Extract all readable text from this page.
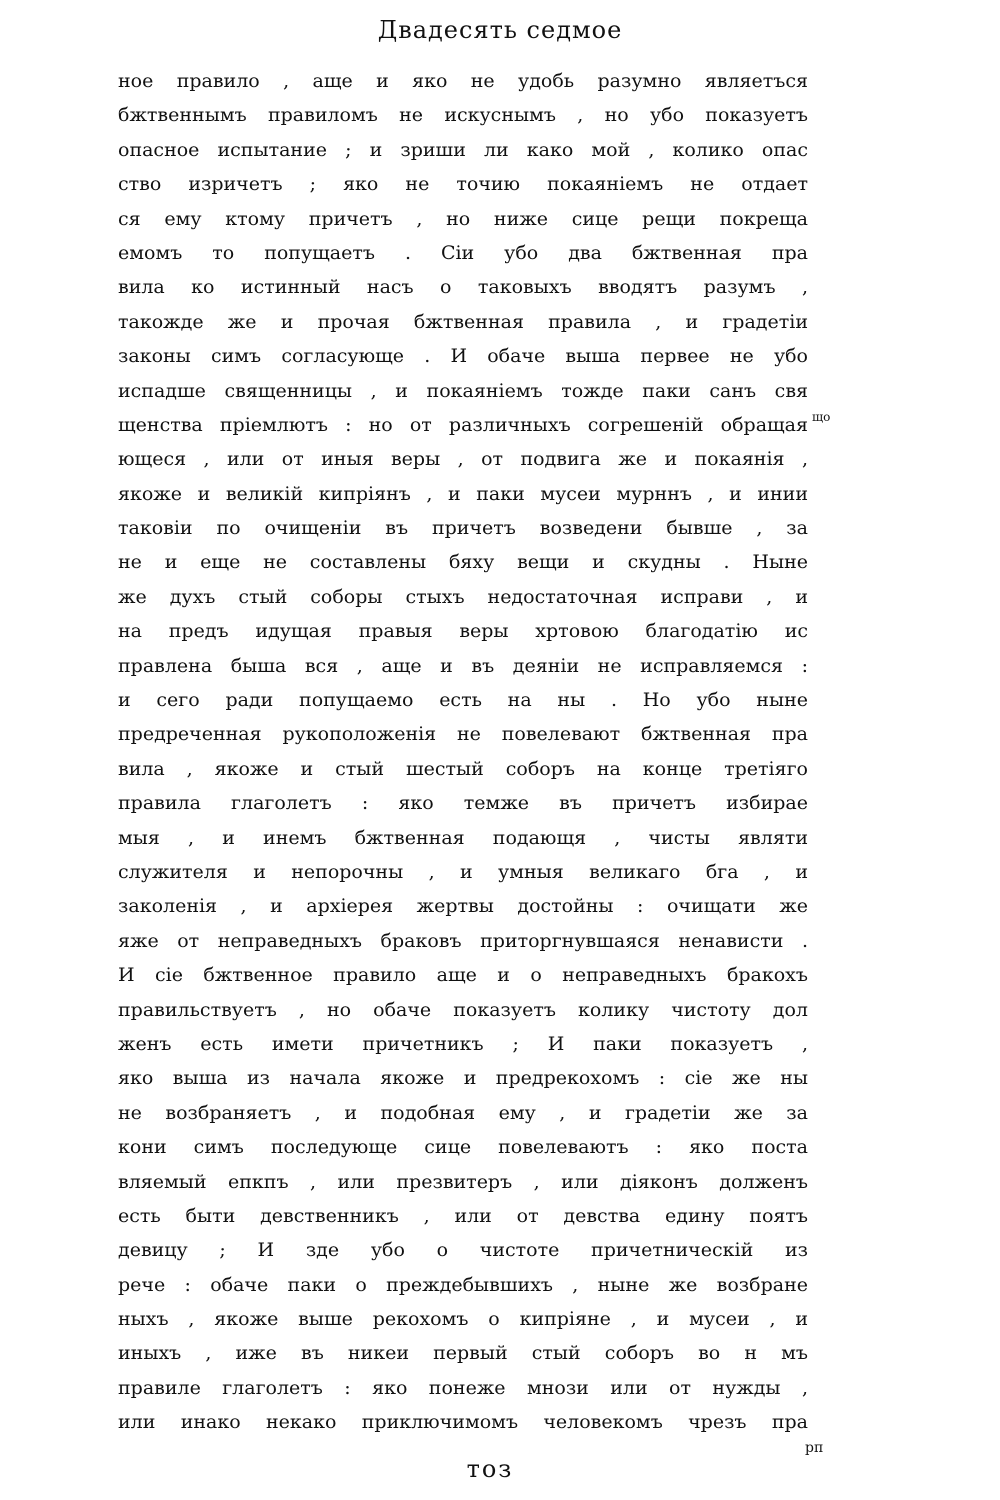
Двадесять седмое
ное правило , аще и яко не удобь разумно являетъся
бжтвеннымъ правиломъ не искуснымъ , но убо показуетъ
опасное испытание ; и зриши ли како мой , колико опас
ство изричетъ ; яко не точию покаянiемъ не отдает
ся ему ктому причетъ , но ниже сице рещи покреща
емомъ то попущаетъ . Сiи убо два бжтвенная пра
вила ко истинный насъ о таковыхъ вводятъ разумъ ,
такожде же и прочая бжтвенная правила , и градетiи
законы симъ согласующе . И обаче выша первее не убо
испадше священницы , и покаянiемъ тожде паки санъ свя
щенства прiемлютъ : но от различныхъ согрешенiй обращая
ющеся , или от иныя веры , от подвига же и покаянiя ,
якоже и великiй кипрiянъ , и паки мусеи мурннъ , и инии
таковiи по очищенiи въ причетъ возведени бывше , за
не и еще не составлены бяху вещи и скудны . Нынe
же духъ стый соборы стыхъ недостаточная исправи , и
на предъ идущая правыя веры хртовою благодатiю ис
правлена быша вся , аще и въ деянiи не исправляемся :
и сего ради попущаемо есть на ны . Но убо нынe
предреченная рукоположенiя не повелевают бжтвенная пра
вила , якоже и стый шестый соборъ на концe третiяго
правила глаголетъ : яко темже въ причетъ избирае
мыя , и инемъ бжтвенная подающя , чисты являти
служителя и непорочны , и умныя великаго бга , и
заколенiя , и архiерея жертвы достойны : очищати же
яже от неправедныхъ браковъ приторгнувшаяся ненависти .
И сiе бжтвенное правило аще и о неправедныхъ бракохъ
правильствуетъ , но обаче показуетъ колику чистоту дол
женъ есть имети причетникъ ; И паки показуетъ ,
яко выша из начала якоже и предрекохомъ : сiе же ны
нe возбраняетъ , и подобная ему , и градетiи же за
кони симъ последующе сице повелеваютъ : яко поста
вляемый епкпъ , или презвитеръ , или дiяконъ долженъ
есть быти девственникъ , или от девства едину поятъ
девицу ; И здe убо о чистотe причетническiй из
рече : обаче паки о преждебывшихъ , нынe же возбране
ныхъ , якоже выше рекохомъ о кипрiянe , и мусеи , и
иныхъ , иже въ никеи первый стый соборъ во н мъ
правилe глаголетъ : яко понеже мнози или от нужды ,
или инако некако приключимомъ человекомъ чрезъ пра
що
тоз
рп
